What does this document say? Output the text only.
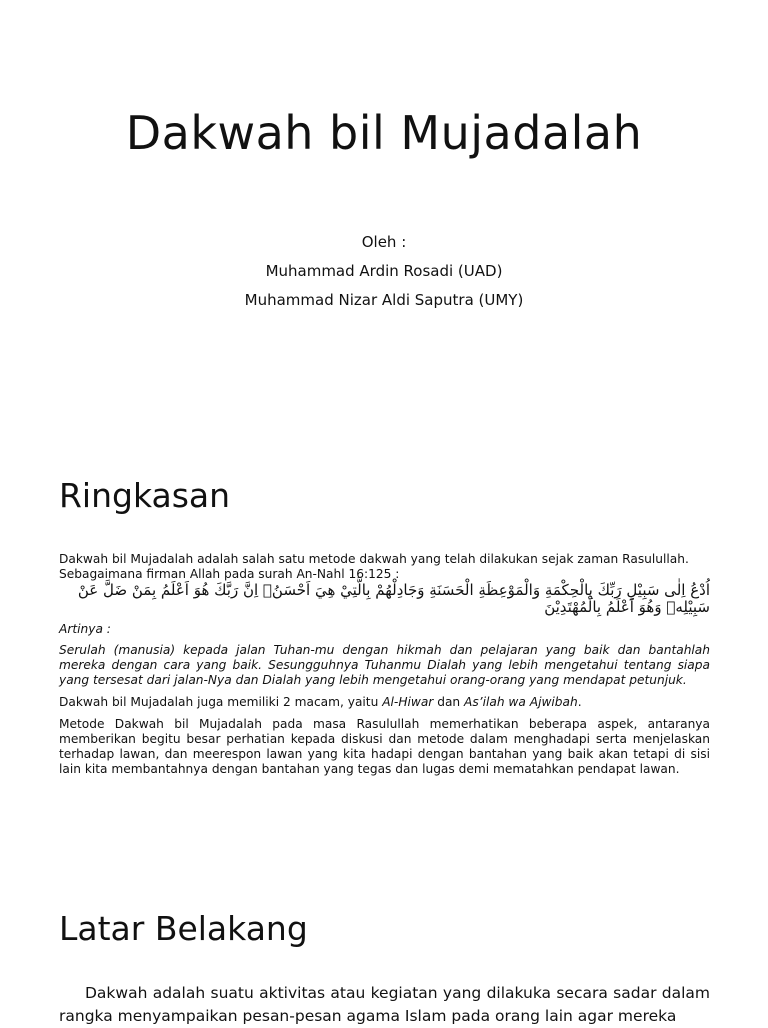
Dakwah bil Mujadalah
Oleh :
Muhammad Ardin Rosadi (UAD)
Muhammad Nizar Aldi Saputra (UMY)
Ringkasan

Dakwah bil Mujadalah adalah salah satu metode dakwah yang telah dilakukan sejak zaman Rasulullah.

Sebagaimana firman Allah pada surah An-Nahl 16:125 :

اُدْعُ اِلٰى سَبِيْلِ رَبِّكَ بِالْحِكْمَةِ وَالْمَوْعِظَةِ الْحَسَنَةِ وَجَادِلْهُمْ بِالَّتِيْ هِيَ اَحْسَنُۗ اِنَّ رَبَّكَ هُوَ اَعْلَمُ بِمَنْ ضَلَّ عَنْ سَبِيْلِهٖ وَهُوَ اَعْلَمُ بِالْمُهْتَدِيْنَ

Artinya :

Serulah (manusia) kepada jalan Tuhan-mu dengan hikmah dan pelajaran yang baik dan bantahlah mereka dengan cara yang baik. Sesungguhnya Tuhanmu Dialah yang lebih mengetahui tentang siapa yang tersesat dari jalan-Nya dan Dialah yang lebih mengetahui orang-orang yang mendapat petunjuk.

Dakwah bil Mujadalah juga memiliki 2 macam, yaitu Al-Hiwar dan As’ilah wa Ajwibah.

Metode Dakwah bil Mujadalah pada masa Rasulullah memerhatikan beberapa aspek, antaranya memberikan begitu besar perhatian kepada diskusi dan metode dalam menghadapi serta menjelaskan terhadap lawan, dan meerespon lawan yang kita hadapi dengan bantahan yang baik akan tetapi di sisi lain kita membantahnya dengan bantahan yang tegas dan lugas demi mematahkan pendapat lawan.

Latar Belakang

Dakwah adalah suatu aktivitas atau kegiatan yang dilakuka secara sadar dalam rangka menyampaikan pesan-pesan agama Islam pada orang lain agar mereka
